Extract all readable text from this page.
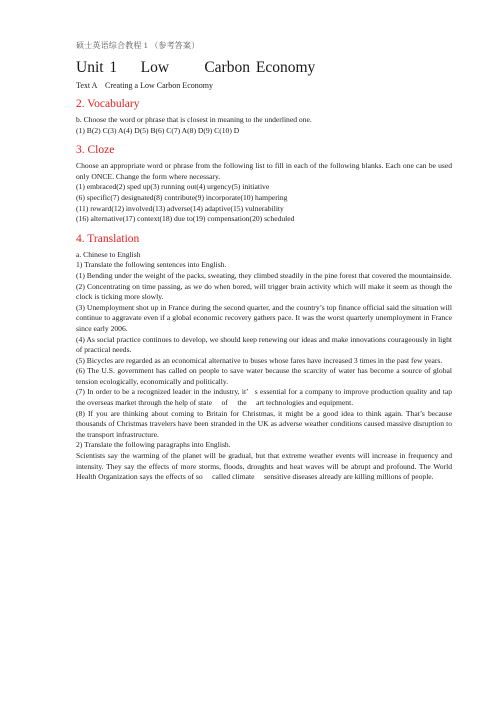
硕士英语综合教程 1 （参考答案）
Unit 1    Low      Carbon Economy
Text A    Creating a Low Carbon Economy
2. Vocabulary

b. Choose the word or phrase that is closest in meaning to the underlined one.

(1) B(2) C(3) A(4) D(5) B(6) C(7) A(8) D(9) C(10) D

3. Cloze

Choose an appropriate word or phrase from the following list to fill in each of the following blanks. Each one can be used only ONCE. Change the form where necessary.

(1) embraced(2) sped up(3) running out(4) urgency(5) initiative

(6) specific(7) designated(8) contribute(9) incorporate(10) hampering

(11) reward(12) involved(13) adverse(14) adaptive(15) vulnerability

(16) alternative(17) context(18) due to(19) compensation(20) scheduled

4. Translation

a. Chinese to English

1) Translate the following sentences into English.

(1) Bending under the weight of the packs, sweating, they climbed steadily in the pine forest that covered the mountainside.

(2) Concentrating on time passing, as we do when bored, will trigger brain activity which will make it seem as though the clock is ticking more slowly.

(3) Unemployment shot up in France during the second quarter, and the country’s top finance official said the situation will continue to aggravate even if a global economic recovery gathers pace. It was the worst quarterly unemployment in France since early 2006.

(4) As social practice continues to develop, we should keep renewing our ideas and make innovations courageously in light of practical needs.

(5) Bicycles are regarded as an economical alternative to buses whose fares have increased 3 times in the past few years.

(6) The U.S. government has called on people to save water because the scarcity of water has become a source of global tension ecologically, economically and politically.

(7) In order to be a recognized leader in the industry, it’   s essential for a company to improve production quality and tap the overseas market through the help of state     of     the     art technologies and equipment.

(8) If you are thinking about coming to Britain for Christmas, it might be a good idea to think again. That’s because thousands of Christmas travelers have been stranded in the UK as adverse weather conditions caused massive disruption to the transport infrastructure.

2) Translate the following paragraphs into English.

Scientists say the warming of the planet will be gradual, but that extreme weather events will increase in frequency and intensity. They say the effects of more storms, floods, droughts and heat waves will be abrupt and profound. The World Health Organization says the effects of so     called climate     sensitive diseases already are killing millions of people.
